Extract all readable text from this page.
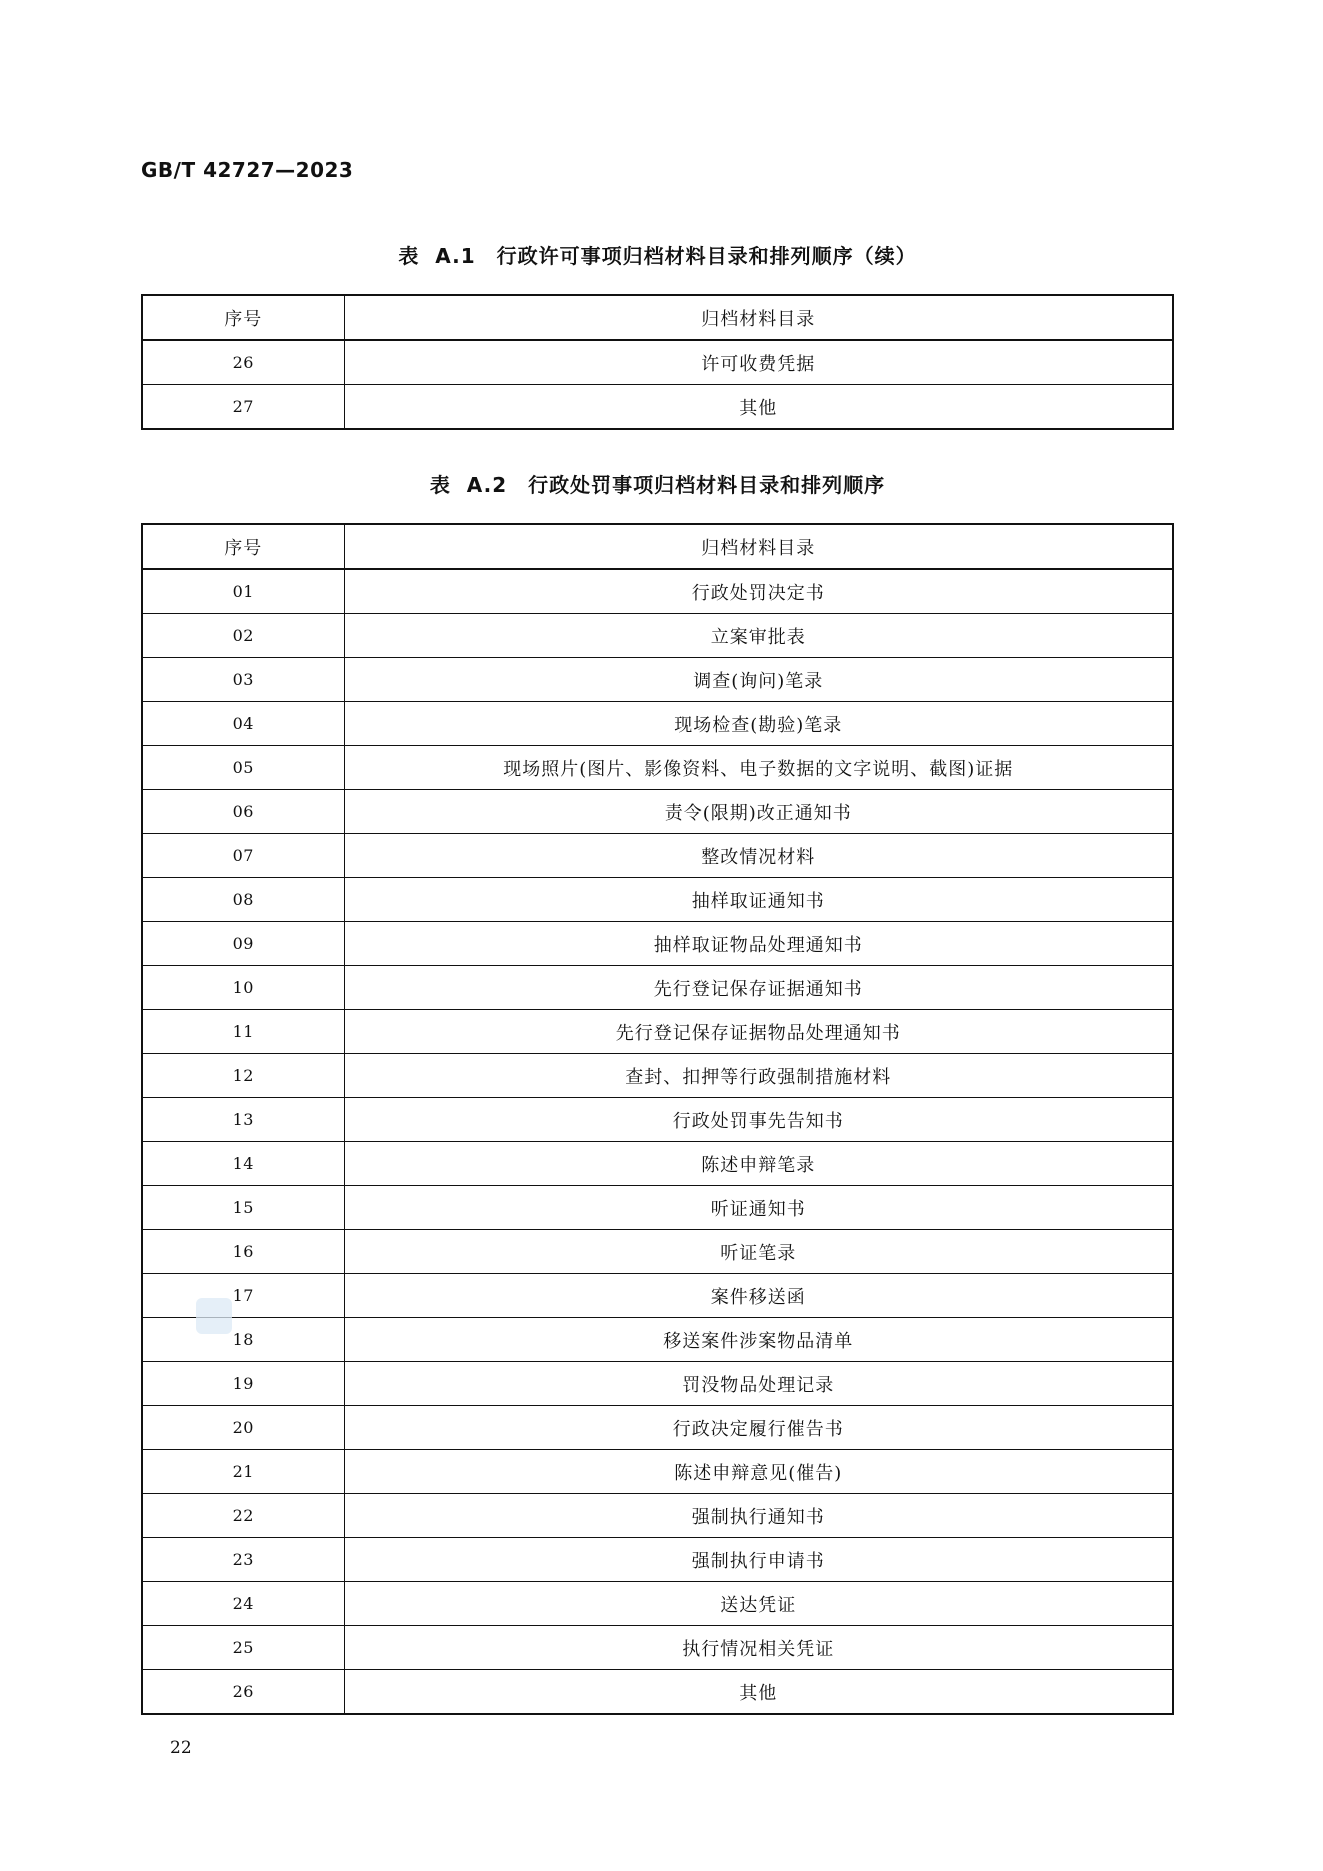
GB/T 42727—2023
表 A.1　行政许可事项归档材料目录和排列顺序（续）
序号	归档材料目录
26	许可收费凭据
27	其他
表 A.2　行政处罚事项归档材料目录和排列顺序
序号	归档材料目录
01	行政处罚决定书
02	立案审批表
03	调查(询问)笔录
04	现场检查(勘验)笔录
05	现场照片(图片、影像资料、电子数据的文字说明、截图)证据
06	责令(限期)改正通知书
07	整改情况材料
08	抽样取证通知书
09	抽样取证物品处理通知书
10	先行登记保存证据通知书
11	先行登记保存证据物品处理通知书
12	查封、扣押等行政强制措施材料
13	行政处罚事先告知书
14	陈述申辩笔录
15	听证通知书
16	听证笔录
17	案件移送函
18	移送案件涉案物品清单
19	罚没物品处理记录
20	行政决定履行催告书
21	陈述申辩意见(催告)
22	强制执行通知书
23	强制执行申请书
24	送达凭证
25	执行情况相关凭证
26	其他
22
